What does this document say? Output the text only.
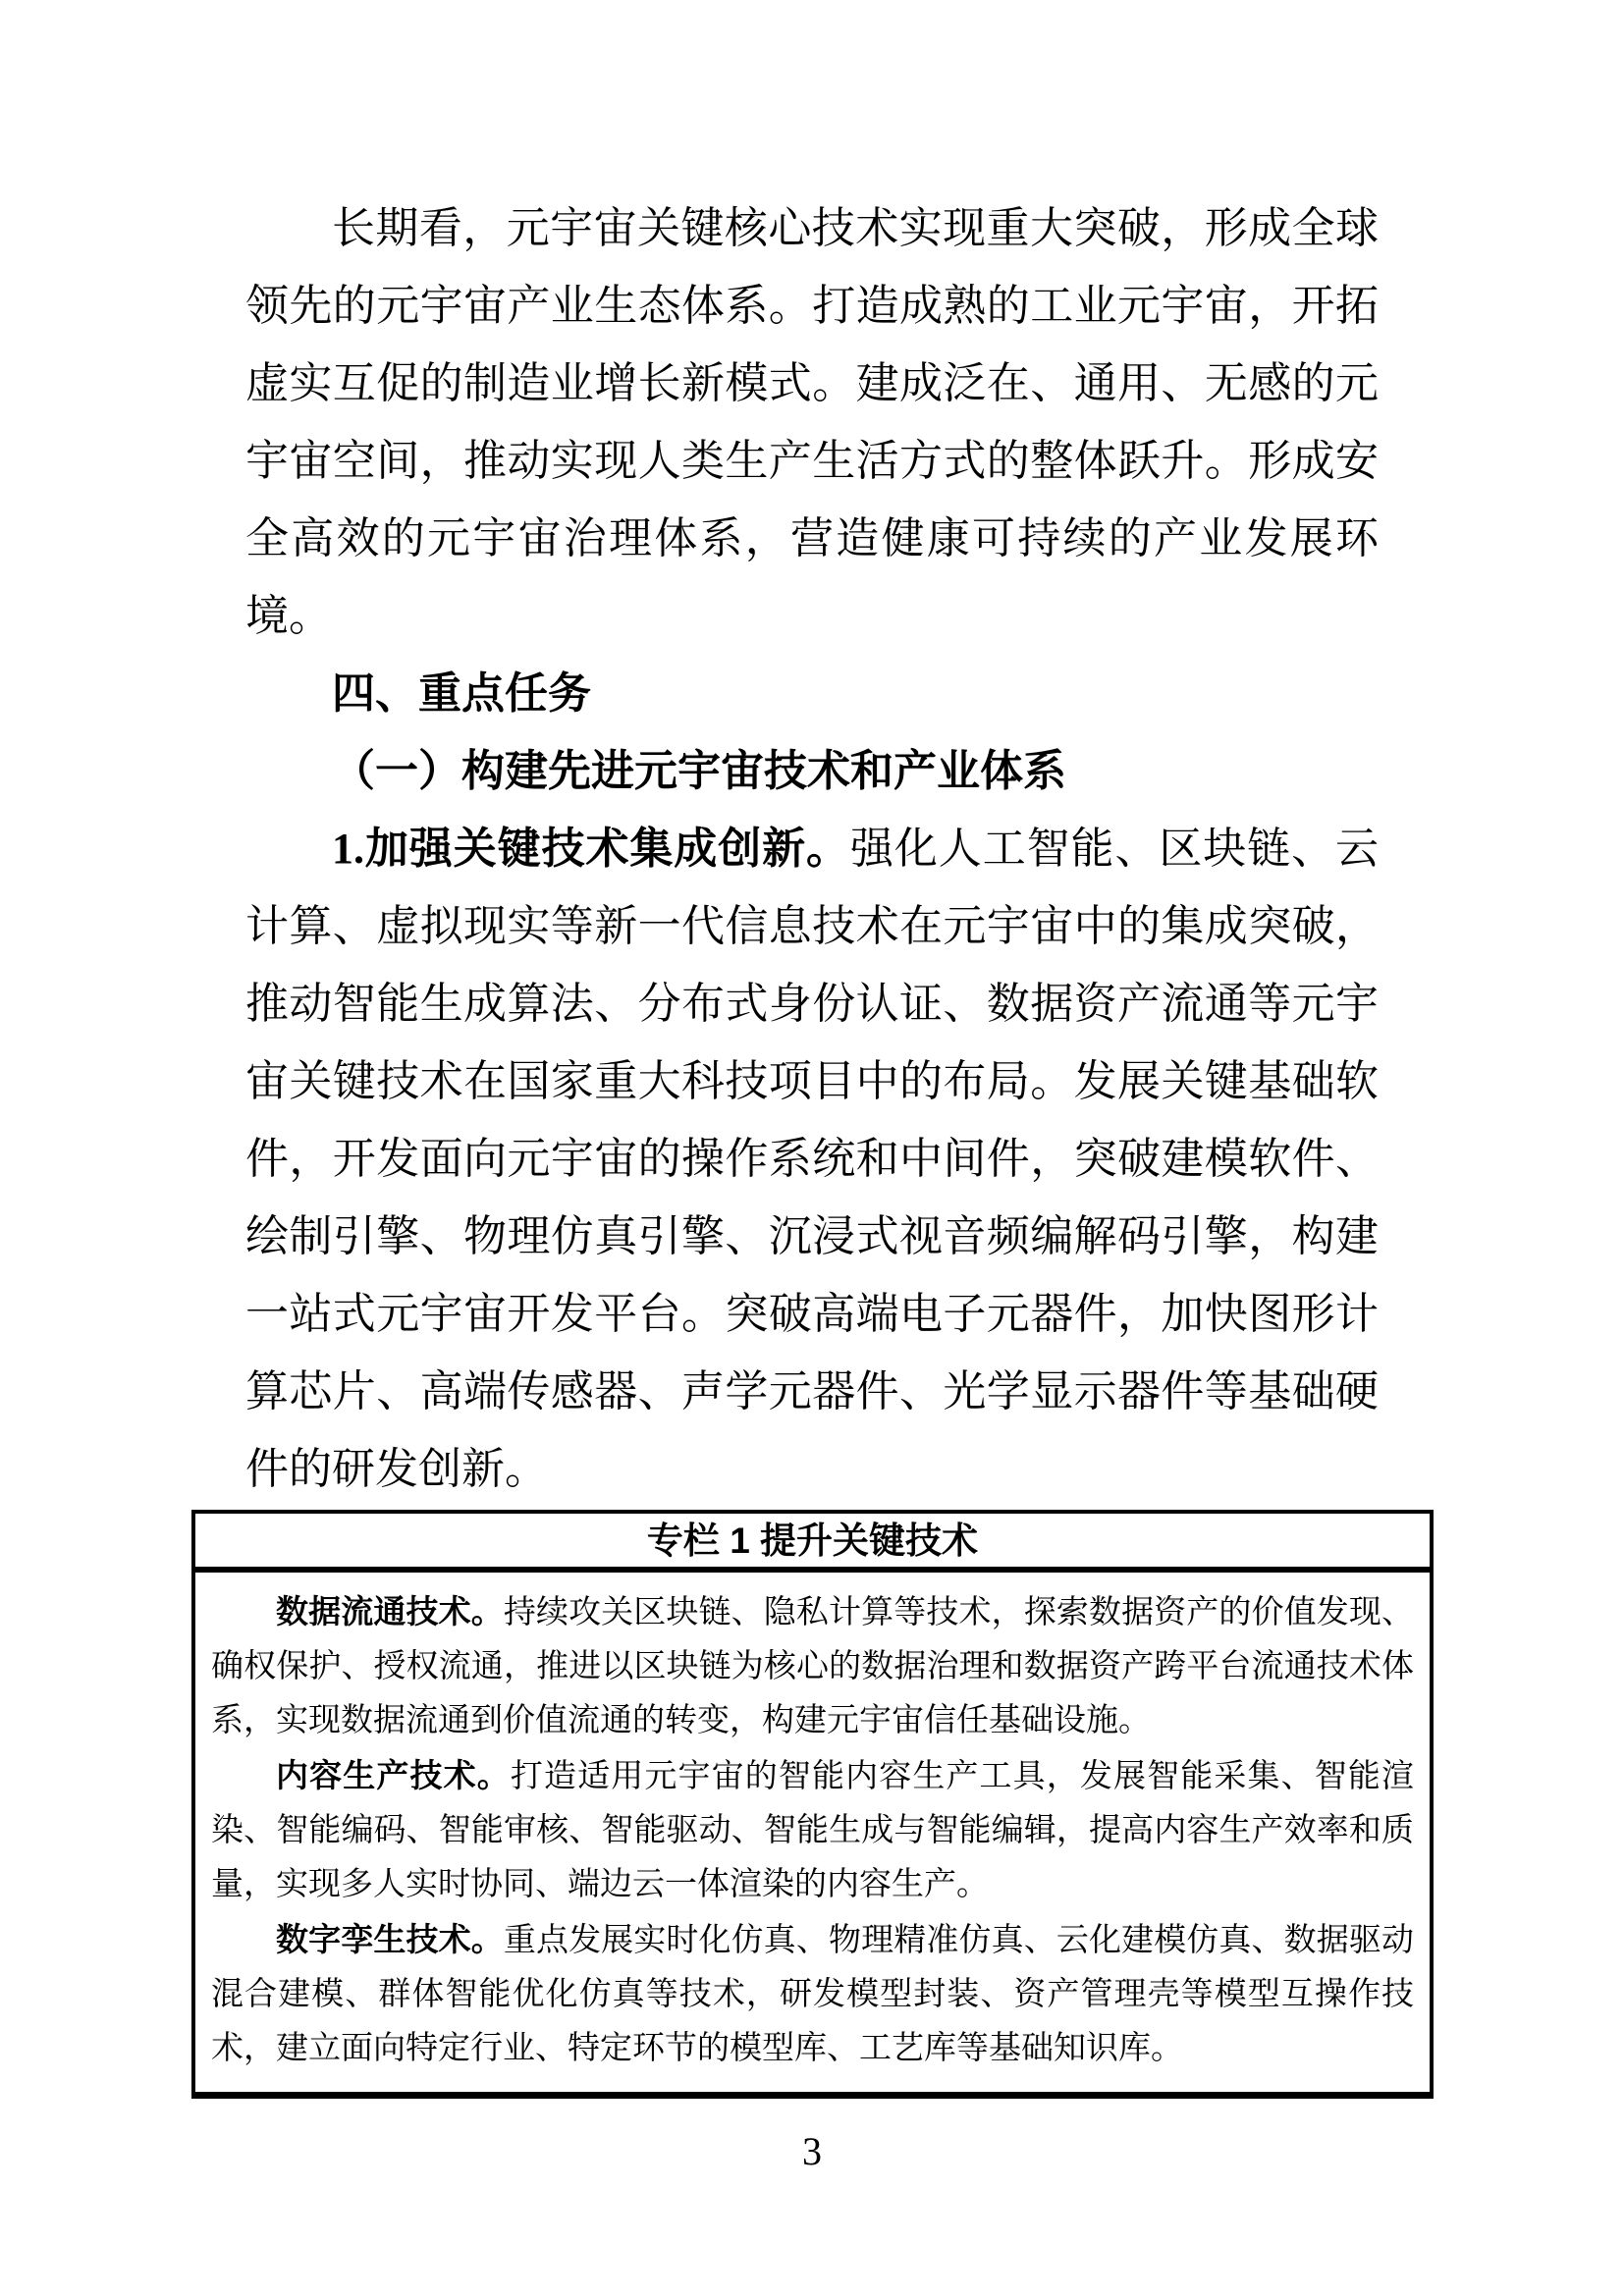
长期看，元宇宙关键核心技术实现重大突破，形成全球领先的元宇宙产业生态体系。打造成熟的工业元宇宙，开拓虚实互促的制造业增长新模式。建成泛在、通用、无感的元宇宙空间，推动实现人类生产生活方式的整体跃升。形成安全高效的元宇宙治理体系，营造健康可持续的产业发展环境。

四、重点任务
（一）构建先进元宇宙技术和产业体系

1.加强关键技术集成创新。强化人工智能、区块链、云计算、虚拟现实等新一代信息技术在元宇宙中的集成突破，推动智能生成算法、分布式身份认证、数据资产流通等元宇宙关键技术在国家重大科技项目中的布局。发展关键基础软件，开发面向元宇宙的操作系统和中间件，突破建模软件、绘制引擎、物理仿真引擎、沉浸式视音频编解码引擎，构建一站式元宇宙开发平台。突破高端电子元器件，加快图形计算芯片、高端传感器、声学元器件、光学显示器件等基础硬件的研发创新。

专栏 1 提升关键技术

数据流通技术。持续攻关区块链、隐私计算等技术，探索数据资产的价值发现、确权保护、授权流通，推进以区块链为核心的数据治理和数据资产跨平台流通技术体系，实现数据流通到价值流通的转变，构建元宇宙信任基础设施。

内容生产技术。打造适用元宇宙的智能内容生产工具，发展智能采集、智能渲染、智能编码、智能审核、智能驱动、智能生成与智能编辑，提高内容生产效率和质量，实现多人实时协同、端边云一体渲染的内容生产。

数字孪生技术。重点发展实时化仿真、物理精准仿真、云化建模仿真、数据驱动混合建模、群体智能优化仿真等技术，研发模型封装、资产管理壳等模型互操作技术，建立面向特定行业、特定环节的模型库、工艺库等基础知识库。

3
